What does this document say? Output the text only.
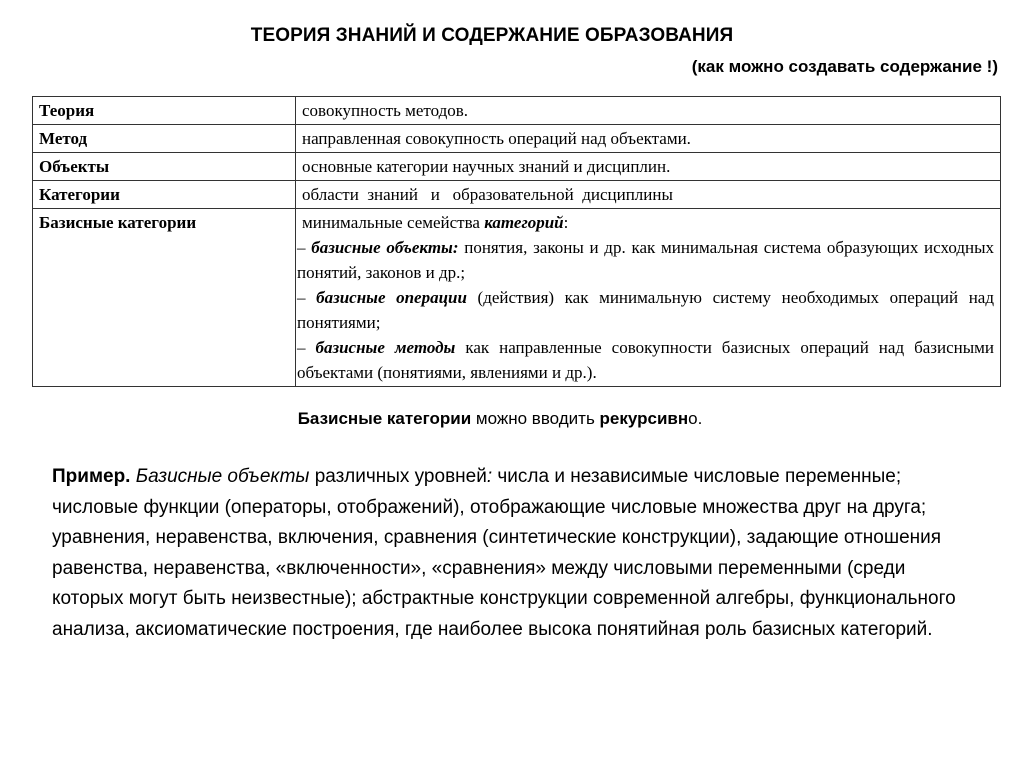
ТЕОРИЯ ЗНАНИЙ И СОДЕРЖАНИЕ ОБРАЗОВАНИЯ
(как можно создавать содержание !)
Теория	совокупность методов.
Метод	направленная совокупность операций над объектами.
Объекты	основные категории научных знаний и дисциплин.
Категории	области  знаний   и   образовательной  дисциплины
Базисные категории	минимальные семейства категорий:
– базисные объекты: понятия, законы и др. как минимальная система образующих исходных понятий, законов и др.;
– базисные операции (действия) как минимальную систему необходимых операций над понятиями;
– базисные методы как направленные совокупности базисных операций над базисными объектами (понятиями, явлениями и др.).
Базисные категории можно вводить рекурсивно.
Пример. Базисные объекты различных уровней: числа и независимые числовые переменные; числовые функции (операторы, отображений), отображающие числовые множества друг на друга; уравнения, неравенства, включения, сравнения (синтетические конструкции), задающие отношения равенства, неравенства, «включенности», «сравнения» между числовыми переменными (среди которых могут быть неизвестные); абстрактные конструкции современной алгебры, функционального анализа, аксиоматические построения, где наиболее высока понятийная роль базисных категорий.
